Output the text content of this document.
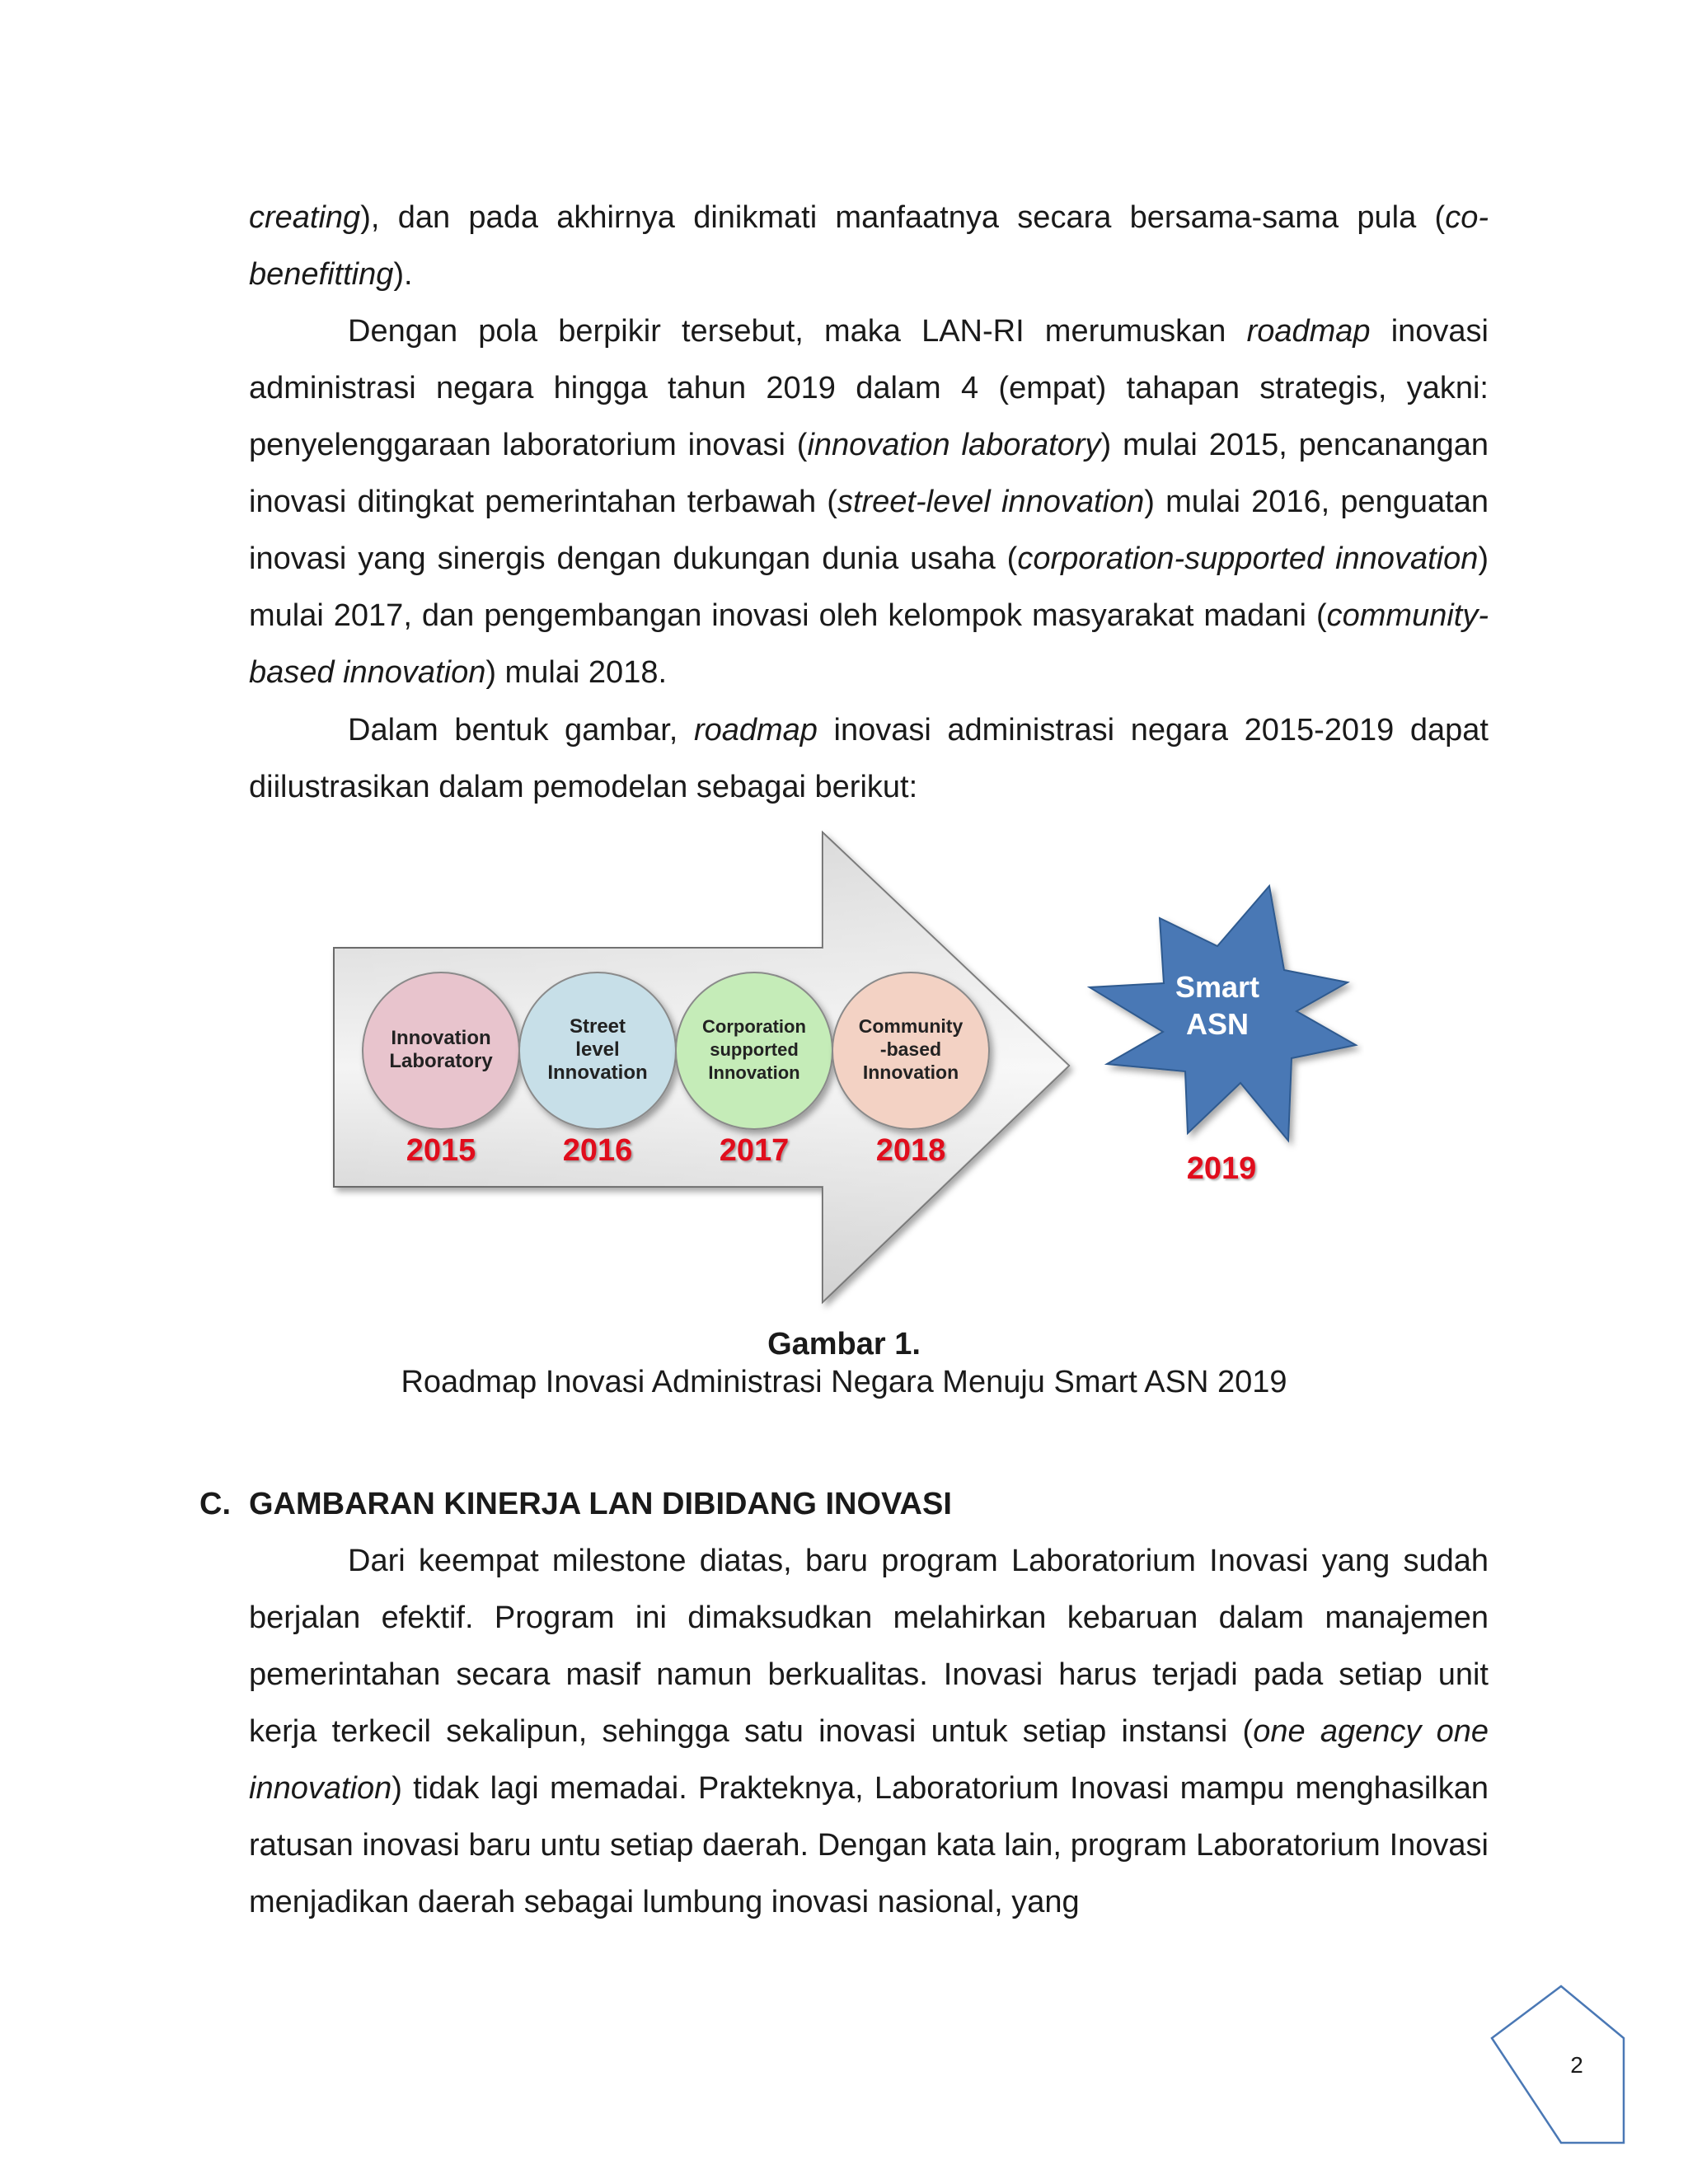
creating), dan pada akhirnya dinikmati manfaatnya secara bersama-sama pula (co-benefitting).

Dengan pola berpikir tersebut, maka LAN-RI merumuskan roadmap inovasi administrasi negara hingga tahun 2019 dalam 4 (empat) tahapan strategis, yakni: penyelenggaraan laboratorium inovasi (innovation laboratory) mulai 2015, pencanangan inovasi ditingkat pemerintahan terbawah (street-level innovation) mulai 2016, penguatan inovasi yang sinergis dengan dukungan dunia usaha (corporation-supported innovation) mulai 2017, dan pengembangan inovasi oleh kelompok masyarakat madani (community-based innovation) mulai 2018.

Dalam bentuk gambar, roadmap inovasi administrasi negara 2015-2019 dapat diilustrasikan dalam pemodelan sebagai berikut:

Innovation
Laboratory
2015
Street
level
Innovation
2016
Corporation
supported
Innovation
2017
Community
-based
Innovation
2018
Smart
ASN
2019
Gambar 1.
Roadmap Inovasi Administrasi Negara Menuju Smart ASN 2019
C. GAMBARAN KINERJA LAN DIBIDANG INOVASI

Dari keempat milestone diatas, baru program Laboratorium Inovasi yang sudah berjalan efektif. Program ini dimaksudkan melahirkan kebaruan dalam manajemen pemerintahan secara masif namun berkualitas. Inovasi harus terjadi pada setiap unit kerja terkecil sekalipun, sehingga satu inovasi untuk setiap instansi (one agency one innovation) tidak lagi memadai. Prakteknya, Laboratorium Inovasi mampu menghasilkan ratusan inovasi baru untu setiap daerah. Dengan kata lain, program Laboratorium Inovasi menjadikan daerah sebagai lumbung inovasi nasional, yang

2
